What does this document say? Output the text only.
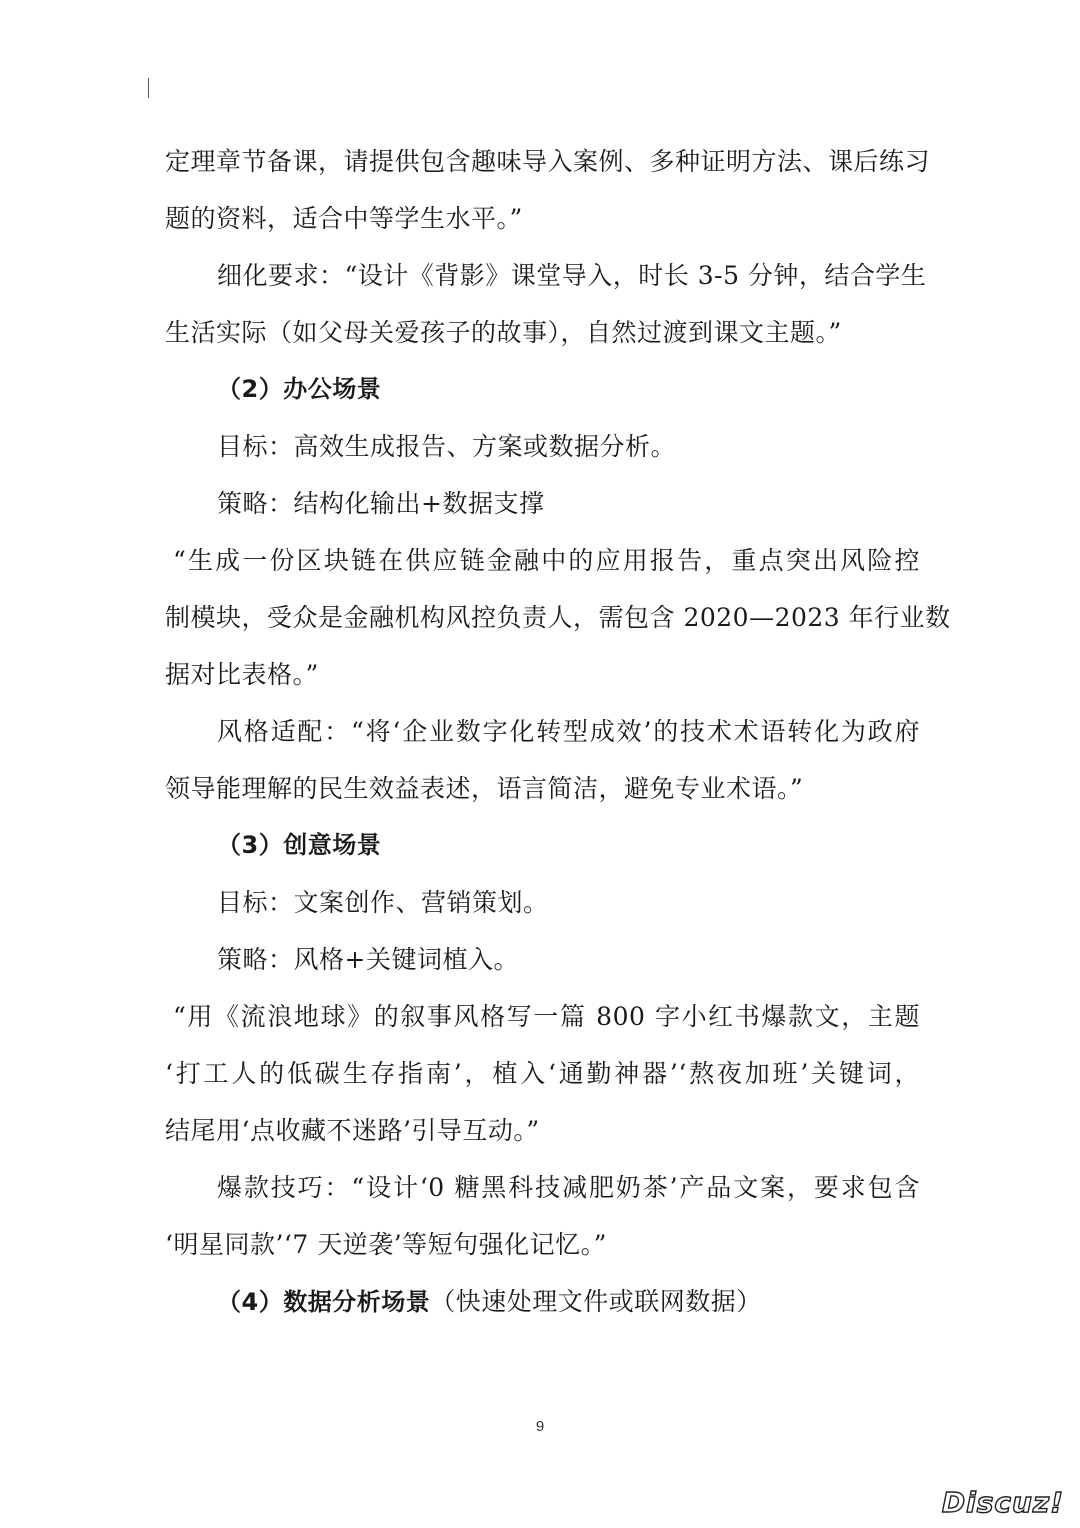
定理章节备课，请提供包含趣味导入案例、多种证明方法、课后练习
题的资料，适合中等学生水平。”
细化要求：“设计《背影》课堂导入，时长 3-5 分钟，结合学生
生活实际（如父母关爱孩子的故事），自然过渡到课文主题。”
（2）办公场景
目标：高效生成报告、方案或数据分析。
策略：结构化输出+数据支撑
“生成一份区块链在供应链金融中的应用报告，重点突出风险控
制模块，受众是金融机构风控负责人，需包含 2020—2023 年行业数
据对比表格。”
风格适配：“将‘企业数字化转型成效’的技术术语转化为政府
领导能理解的民生效益表述，语言简洁，避免专业术语。”
（3）创意场景
目标：文案创作、营销策划。
策略：风格+关键词植入。
“用《流浪地球》的叙事风格写一篇 800 字小红书爆款文，主题
‘打工人的低碳生存指南’，植入‘通勤神器’‘熬夜加班’关键词，
结尾用‘点收藏不迷路’引导互动。”
爆款技巧：“设计‘0 糖黑科技减肥奶茶’产品文案，要求包含
‘明星同款’‘7 天逆袭’等短句强化记忆。”
（4）数据分析场景（快速处理文件或联网数据）
9
Discuz!
